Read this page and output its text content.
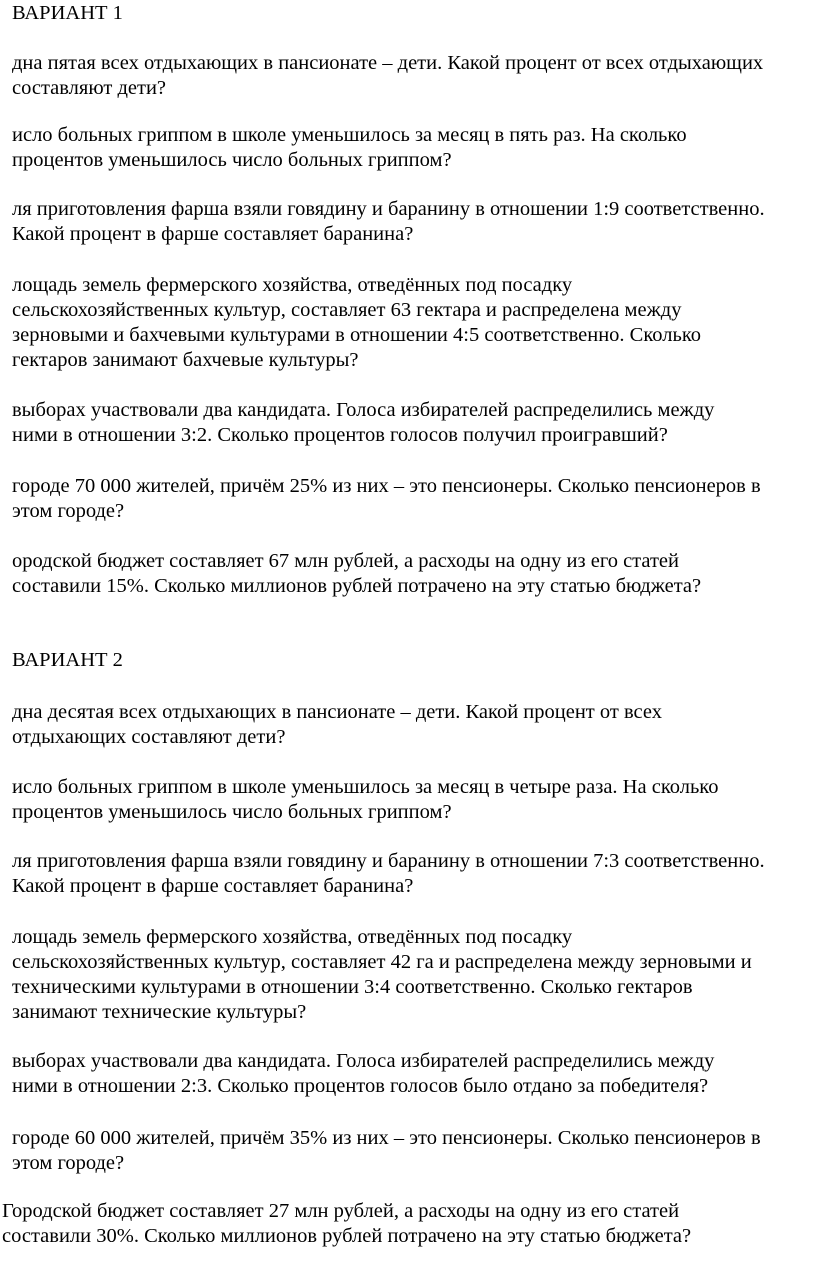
ВАРИАНТ 1
дна пятая всех отдыхающих в пансионате – дети. Какой процент от всех отдыхающих
составляют дети?
исло больных гриппом в школе уменьшилось за месяц в пять раз. На сколько
процентов уменьшилось число больных гриппом?
ля приготовления фарша взяли говядину и баранину в отношении 1:9 соответственно.
Какой процент в фарше составляет баранина?
лощадь земель фермерского хозяйства, отведённых под посадку
сельскохозяйственных культур, составляет 63 гектара и распределена между
зерновыми и бахчевыми культурами в отношении 4:5 соответственно. Сколько
гектаров занимают бахчевые культуры?
выборах участвовали два кандидата. Голоса избирателей распределились между
ними в отношении 3:2. Сколько процентов голосов получил проигравший?
городе 70 000 жителей, причём 25% из них – это пенсионеры. Сколько пенсионеров в
этом городе?
ородской бюджет составляет 67 млн рублей, а расходы на одну из его статей
составили 15%. Сколько миллионов рублей потрачено на эту статью бюджета?
ВАРИАНТ 2
дна десятая всех отдыхающих в пансионате – дети. Какой процент от всех
отдыхающих составляют дети?
исло больных гриппом в школе уменьшилось за месяц в четыре раза. На сколько
процентов уменьшилось число больных гриппом?
ля приготовления фарша взяли говядину и баранину в отношении 7:3 соответственно.
Какой процент в фарше составляет баранина?
лощадь земель фермерского хозяйства, отведённых под посадку
сельскохозяйственных культур, составляет 42 га и распределена между зерновыми и
техническими культурами в отношении 3:4 соответственно. Сколько гектаров
занимают технические культуры?
выборах участвовали два кандидата. Голоса избирателей распределились между
ними в отношении 2:3. Сколько процентов голосов было отдано за победителя?
городе 60 000 жителей, причём 35% из них – это пенсионеры. Сколько пенсионеров в
этом городе?
Городской бюджет составляет 27 млн рублей, а расходы на одну из его статей
составили 30%. Сколько миллионов рублей потрачено на эту статью бюджета?
